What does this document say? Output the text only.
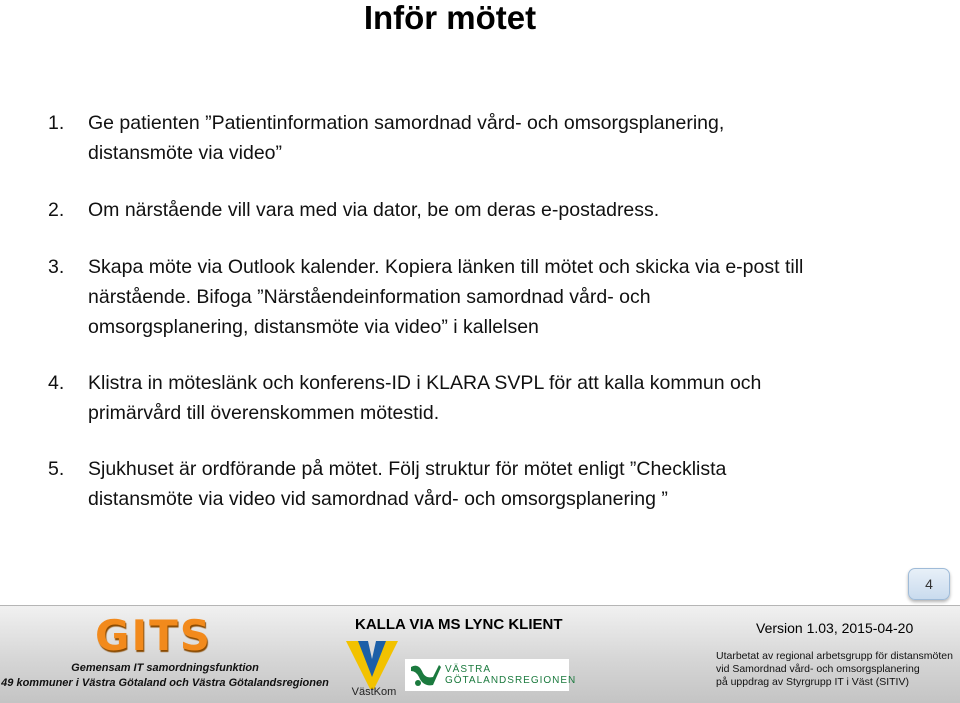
Inför mötet
1. Ge patienten ”Patientinformation samordnad vård- och omsorgsplanering,
distansmöte via video”
2. Om närstående vill vara med via dator, be om deras e-postadress.
3. Skapa möte via Outlook kalender. Kopiera länken till mötet och skicka via e-post till
närstående. Bifoga ”Närståendeinformation samordnad vård- och
omsorgsplanering, distansmöte via video” i kallelsen
4. Klistra in möteslänk och konferens-ID i KLARA SVPL för att kalla kommun och
primärvård till överenskommen mötestid.
5. Sjukhuset är ordförande på mötet. Följ struktur för mötet enligt ”Checklista
distansmöte via video vid samordnad vård- och omsorgsplanering ”
4
GITS
Gemensam IT samordningsfunktion
49 kommuner i Västra Götaland och Västra Götalandsregionen
KALLA VIA MS LYNC KLIENT	Version 1.03, 2015-04-20
VästKom
VÄSTRA
GÖTALANDSREGIONEN
Utarbetat av regional arbetsgrupp för distansmöten
vid Samordnad vård- och omsorgsplanering
på uppdrag av Styrgrupp IT i Väst (SITIV)
